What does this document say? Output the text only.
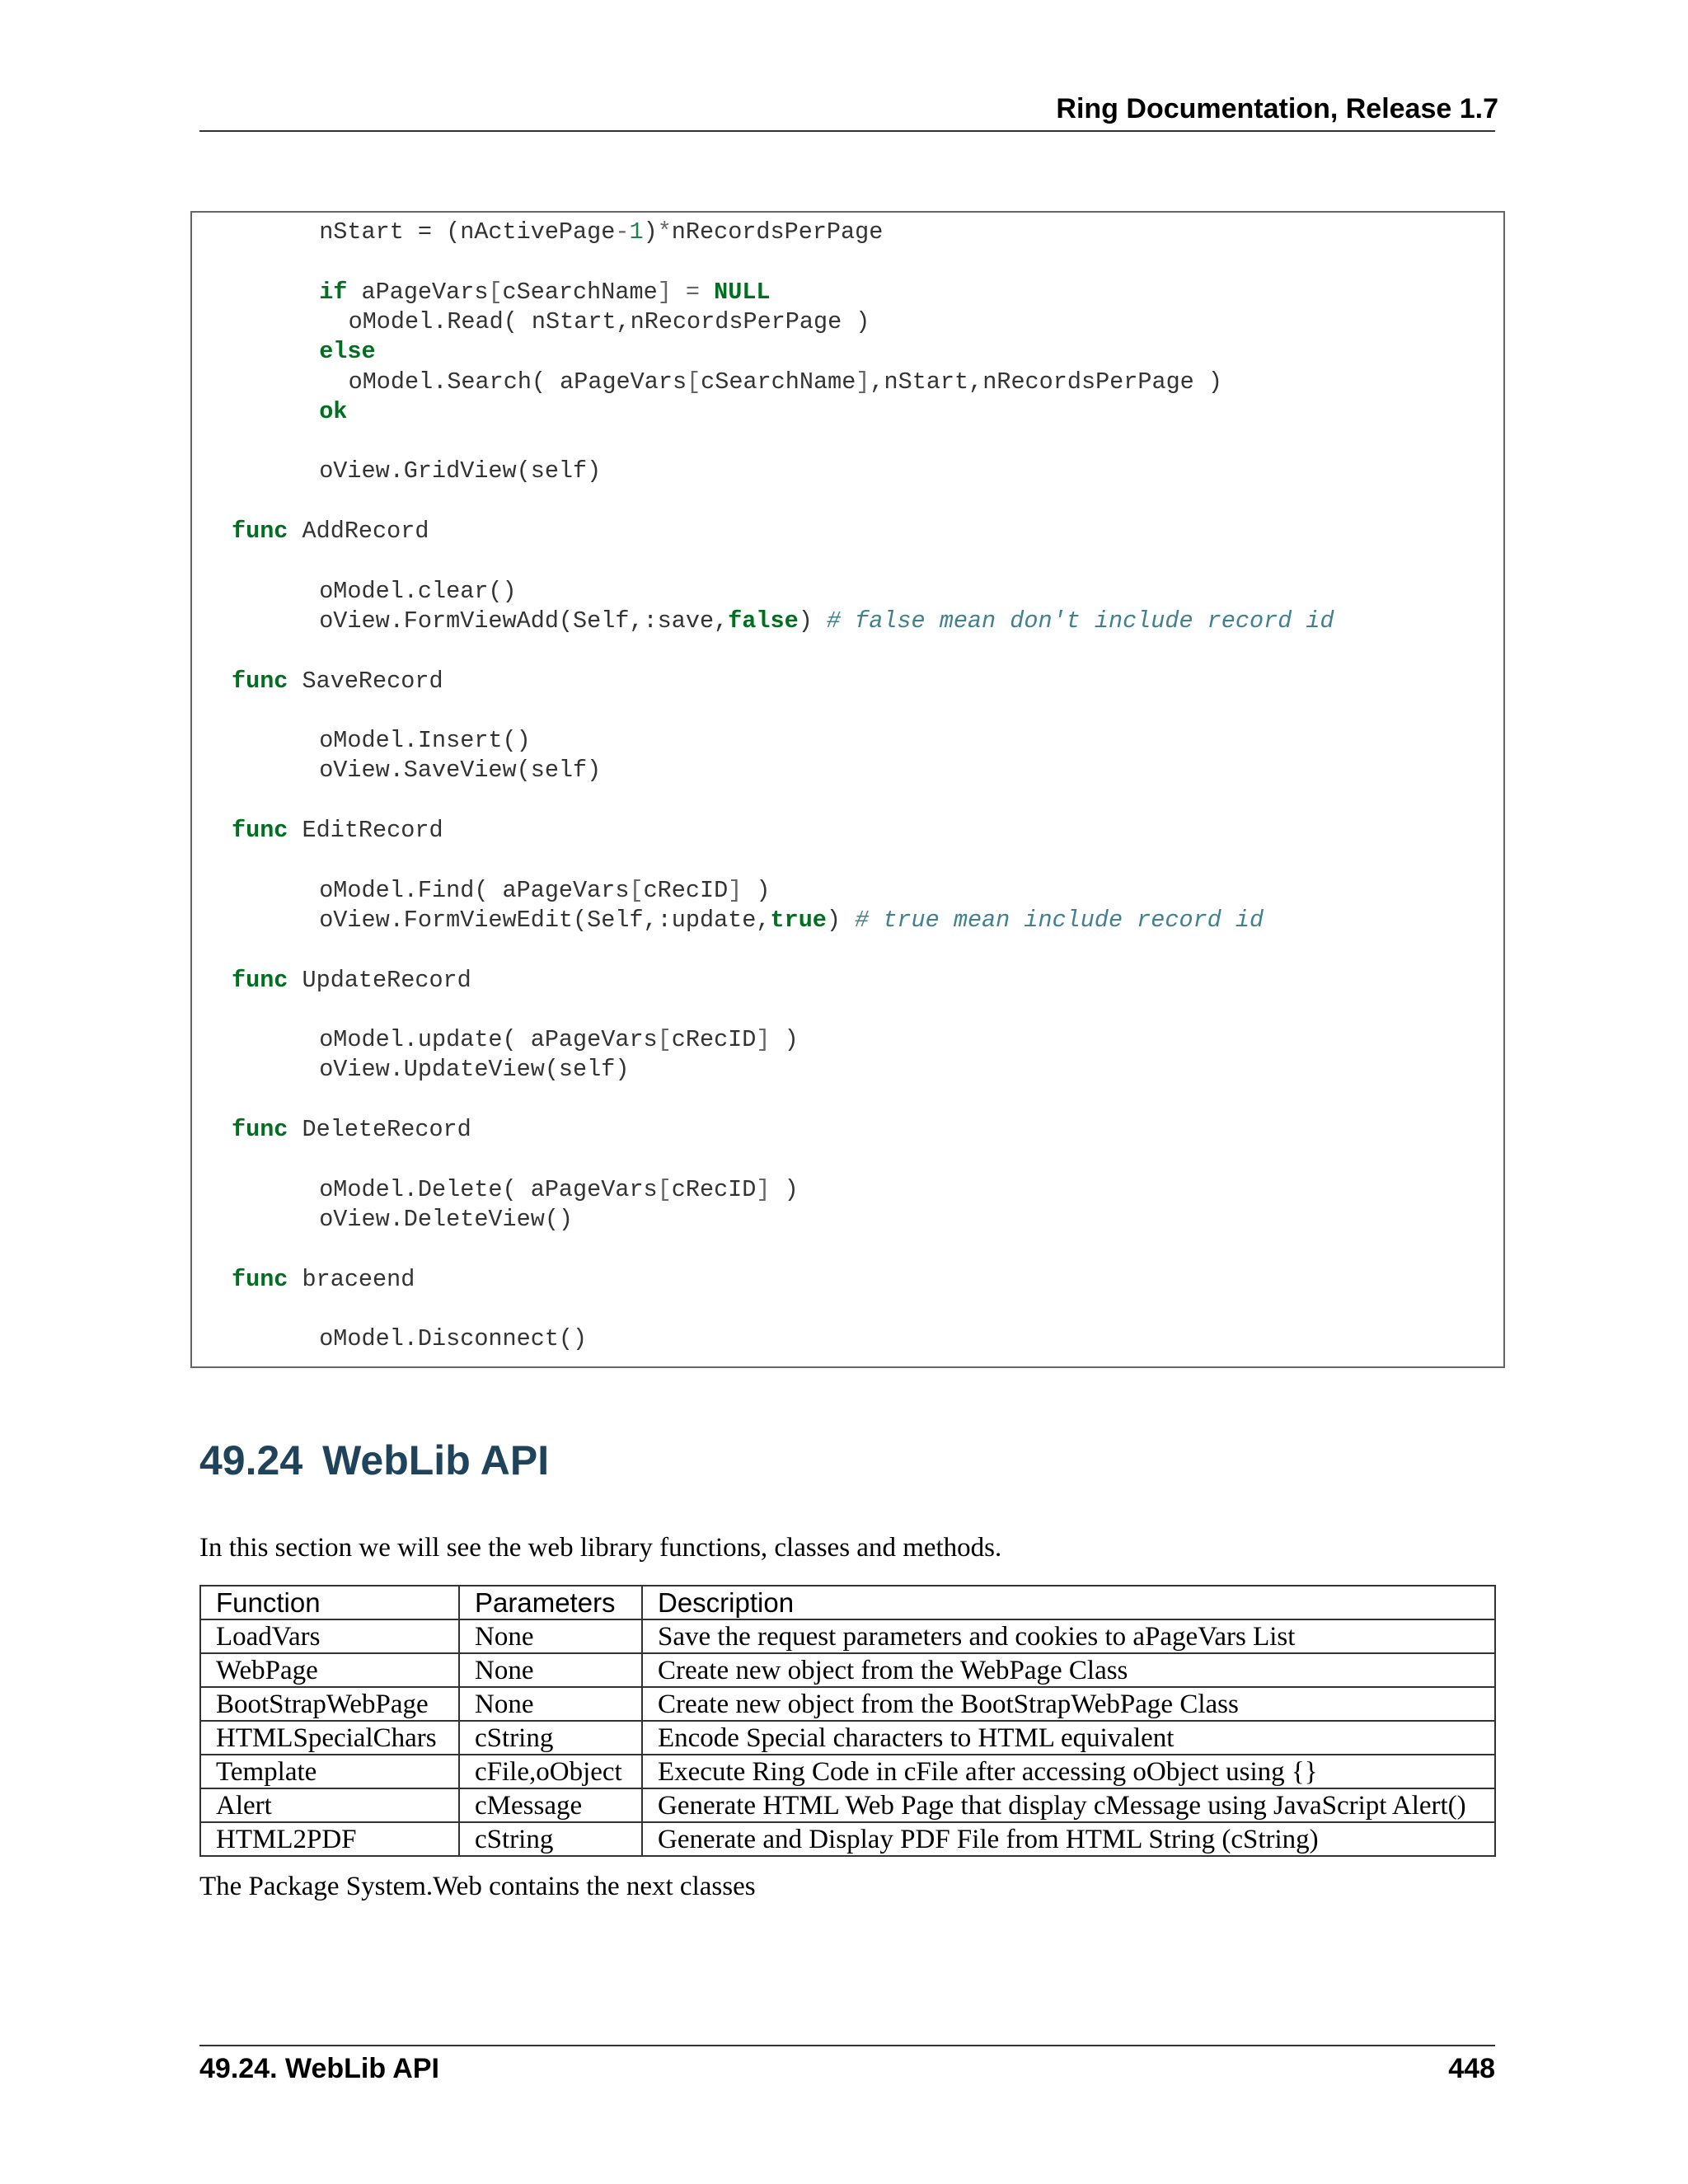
Ring Documentation, Release 1.7
nStart = (nActivePage-1)*nRecordsPerPage
if aPageVars[cSearchName] = NULL
oModel.Read( nStart,nRecordsPerPage )
else
oModel.Search( aPageVars[cSearchName],nStart,nRecordsPerPage )
ok
oView.GridView(self)
func AddRecord
oModel.clear()
oView.FormViewAdd(Self,:save,false) # false mean don't include record id
func SaveRecord
oModel.Insert()
oView.SaveView(self)
func EditRecord
oModel.Find( aPageVars[cRecID] )
oView.FormViewEdit(Self,:update,true) # true mean include record id
func UpdateRecord
oModel.update( aPageVars[cRecID] )
oView.UpdateView(self)
func DeleteRecord
oModel.Delete( aPageVars[cRecID] )
oView.DeleteView()
func braceend
oModel.Disconnect()
49.24 WebLib API

In this section we will see the web library functions, classes and methods.

Function	Parameters	Description
LoadVars	None	Save the request parameters and cookies to aPageVars List
WebPage	None	Create new object from the WebPage Class
BootStrapWebPage	None	Create new object from the BootStrapWebPage Class
HTMLSpecialChars	cString	Encode Special characters to HTML equivalent
Template	cFile,oObject	Execute Ring Code in cFile after accessing oObject using {}
Alert	cMessage	Generate HTML Web Page that display cMessage using JavaScript Alert()
HTML2PDF	cString	Generate and Display PDF File from HTML String (cString)

The Package System.Web contains the next classes

49.24. WebLib API	448
